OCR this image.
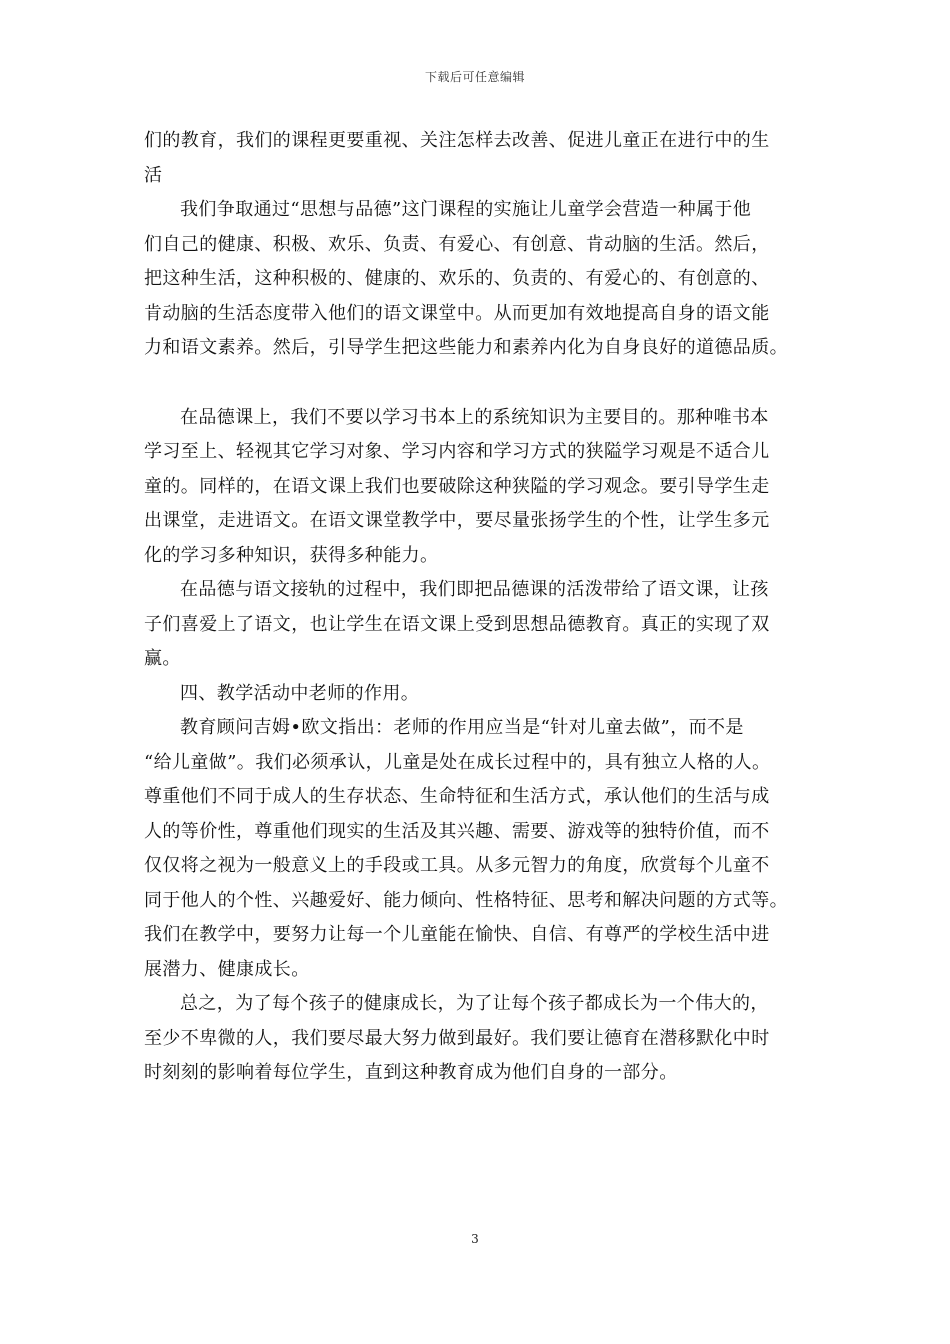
下载后可任意编辑

们的教育，我们的课程更要重视、关注怎样去改善、促进儿童正在进行中的生
活

我们争取通过“思想与品德”这门课程的实施让儿童学会营造一种属于他
们自己的健康、积极、欢乐、负责、有爱心、有创意、肯动脑的生活。然后，
把这种生活，这种积极的、健康的、欢乐的、负责的、有爱心的、有创意的、
肯动脑的生活态度带入他们的语文课堂中。从而更加有效地提高自身的语文能
力和语文素养。然后，引导学生把这些能力和素养内化为自身良好的道德品质。

在品德课上，我们不要以学习书本上的系统知识为主要目的。那种唯书本
学习至上、轻视其它学习对象、学习内容和学习方式的狭隘学习观是不适合儿
童的。同样的，在语文课上我们也要破除这种狭隘的学习观念。要引导学生走
出课堂，走进语文。在语文课堂教学中，要尽量张扬学生的个性，让学生多元
化的学习多种知识，获得多种能力。

在品德与语文接轨的过程中，我们即把品德课的活泼带给了语文课，让孩
子们喜爱上了语文，也让学生在语文课上受到思想品德教育。真正的实现了双
赢。

四、教学活动中老师的作用。

教育顾问吉姆•欧文指出：老师的作用应当是“针对儿童去做”，而不是
“给儿童做”。我们必须承认，儿童是处在成长过程中的，具有独立人格的人。
尊重他们不同于成人的生存状态、生命特征和生活方式，承认他们的生活与成
人的等价性，尊重他们现实的生活及其兴趣、需要、游戏等的独特价值，而不
仅仅将之视为一般意义上的手段或工具。从多元智力的角度，欣赏每个儿童不
同于他人的个性、兴趣爱好、能力倾向、性格特征、思考和解决问题的方式等。
我们在教学中，要努力让每一个儿童能在愉快、自信、有尊严的学校生活中进
展潜力、健康成长。

总之，为了每个孩子的健康成长，为了让每个孩子都成长为一个伟大的，
至少不卑微的人，我们要尽最大努力做到最好。我们要让德育在潜移默化中时
时刻刻的影响着每位学生，直到这种教育成为他们自身的一部分。

3
